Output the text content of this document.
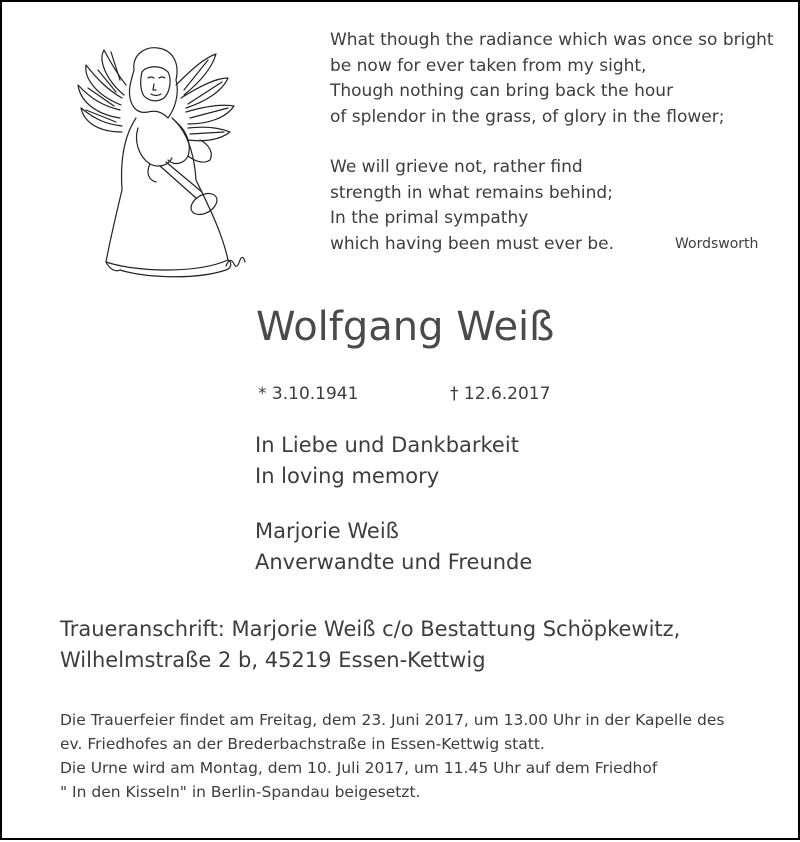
What though the radiance which was once so bright
be now for ever taken from my sight,
Though nothing can bring back the hour
of splendor in the grass, of glory in the flower;
We will grieve not, rather find
strength in what remains behind;
In the primal sympathy
which having been must ever be.	Wordsworth
Wolfgang Weiß
* 3.10.1941	† 12.6.2017
In Liebe und Dankbarkeit
In loving memory
Marjorie Weiß
Anverwandte und Freunde
Traueranschrift: Marjorie Weiß c/o Bestattung Schöpkewitz,
Wilhelmstraße 2 b, 45219 Essen-Kettwig
Die Trauerfeier findet am Freitag, dem 23. Juni 2017, um 13.00 Uhr in der Kapelle des
ev. Friedhofes an der Brederbachstraße in Essen-Kettwig statt.
Die Urne wird am Montag, dem 10. Juli 2017, um 11.45 Uhr auf dem Friedhof
" In den Kisseln" in Berlin-Spandau beigesetzt.
